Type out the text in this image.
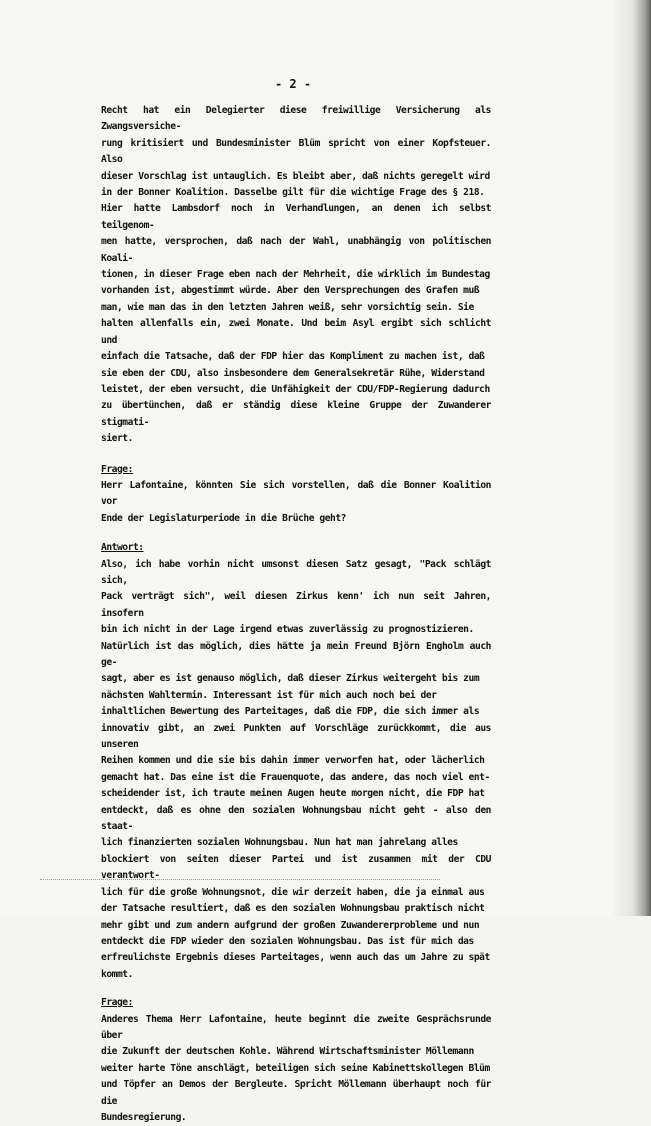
- 2 -

Recht hat ein Delegierter diese freiwillige Versicherung als Zwangsversiche-
rung kritisiert und Bundesminister Blüm spricht von einer Kopfsteuer. Also
dieser Vorschlag ist untauglich. Es bleibt aber, daß nichts geregelt wird
in der Bonner Koalition. Dasselbe gilt für die wichtige Frage des § 218.
Hier hatte Lambsdorf noch in Verhandlungen, an denen ich selbst teilgenom-
men hatte, versprochen, daß nach der Wahl, unabhängig von politischen Koali-
tionen, in dieser Frage eben nach der Mehrheit, die wirklich im Bundestag
vorhanden ist, abgestimmt würde. Aber den Versprechungen des Grafen muß
man, wie man das in den letzten Jahren weiß, sehr vorsichtig sein. Sie
halten allenfalls ein, zwei Monate. Und beim Asyl ergibt sich schlicht und
einfach die Tatsache, daß der FDP hier das Kompliment zu machen ist, daß
sie eben der CDU, also insbesondere dem Generalsekretär Rühe, Widerstand
leistet, der eben versucht, die Unfähigkeit der CDU/FDP-Regierung dadurch
zu übertünchen, daß er ständig diese kleine Gruppe der Zuwanderer stigmati-
siert.

Frage:

Herr Lafontaine, könnten Sie sich vorstellen, daß die Bonner Koalition vor
Ende der Legislaturperiode in die Brüche geht?

Antwort:

Also, ich habe vorhin nicht umsonst diesen Satz gesagt, "Pack schlägt sich,
Pack verträgt sich", weil diesen Zirkus kenn' ich nun seit Jahren, insofern
bin ich nicht in der Lage irgend etwas zuverlässig zu prognostizieren.
Natürlich ist das möglich, dies hätte ja mein Freund Björn Engholm auch ge-
sagt, aber es ist genauso möglich, daß dieser Zirkus weitergeht bis zum
nächsten Wahltermin. Interessant ist für mich auch noch bei der
inhaltlichen Bewertung des Parteitages, daß die FDP, die sich immer als
innovativ gibt, an zwei Punkten auf Vorschläge zurückkommt, die aus unseren
Reihen kommen und die sie bis dahin immer verworfen hat, oder lächerlich
gemacht hat. Das eine ist die Frauenquote, das andere, das noch viel ent-
scheidender ist, ich traute meinen Augen heute morgen nicht, die FDP hat
entdeckt, daß es ohne den sozialen Wohnungsbau nicht geht - also den staat-
lich finanzierten sozialen Wohnungsbau. Nun hat man jahrelang alles
blockiert von seiten dieser Partei und ist zusammen mit der CDU verantwort-
lich für die große Wohnungsnot, die wir derzeit haben, die ja einmal aus
der Tatsache resultiert, daß es den sozialen Wohnungsbau praktisch nicht
mehr gibt und zum andern aufgrund der großen Zuwandererprobleme und nun
entdeckt die FDP wieder den sozialen Wohnungsbau. Das ist für mich das
erfreulichste Ergebnis dieses Parteitages, wenn auch das um Jahre zu spät
kommt.

Frage:

Anderes Thema Herr Lafontaine, heute beginnt die zweite Gesprächsrunde über
die Zukunft der deutschen Kohle. Während Wirtschaftsminister Möllemann
weiter harte Töne anschlägt, beteiligen sich seine Kabinettskollegen Blüm
und Töpfer an Demos der Bergleute. Spricht Möllemann überhaupt noch für die
Bundesregierung.
